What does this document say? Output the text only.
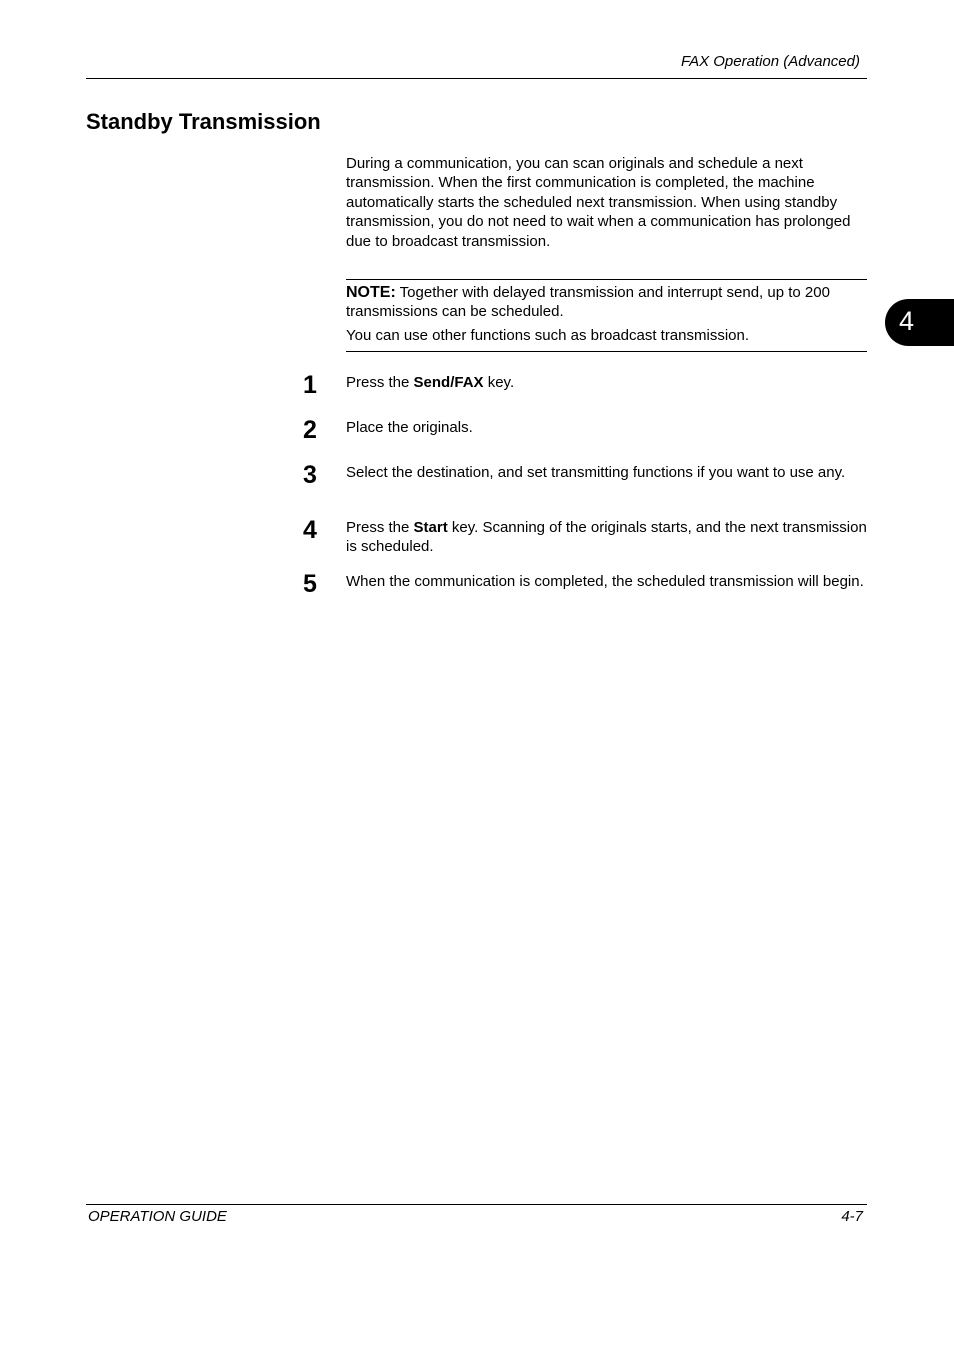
FAX Operation (Advanced)
Standby Transmission

During a communication, you can scan originals and schedule a next transmission. When the first communication is completed, the machine automatically starts the scheduled next transmission. When using standby transmission, you do not need to wait when a communication has prolonged due to broadcast transmission.

NOTE: Together with delayed transmission and interrupt send, up to 200 transmissions can be scheduled.

You can use other functions such as broadcast transmission.	4
1 Press the Send/FAX key.

2 Place the originals.

3 Select the destination, and set transmitting functions if you want to use any.

4 Press the Start key. Scanning of the originals starts, and the next transmission is scheduled.

5 When the communication is completed, the scheduled transmission will begin.

OPERATION GUIDE	4-7
